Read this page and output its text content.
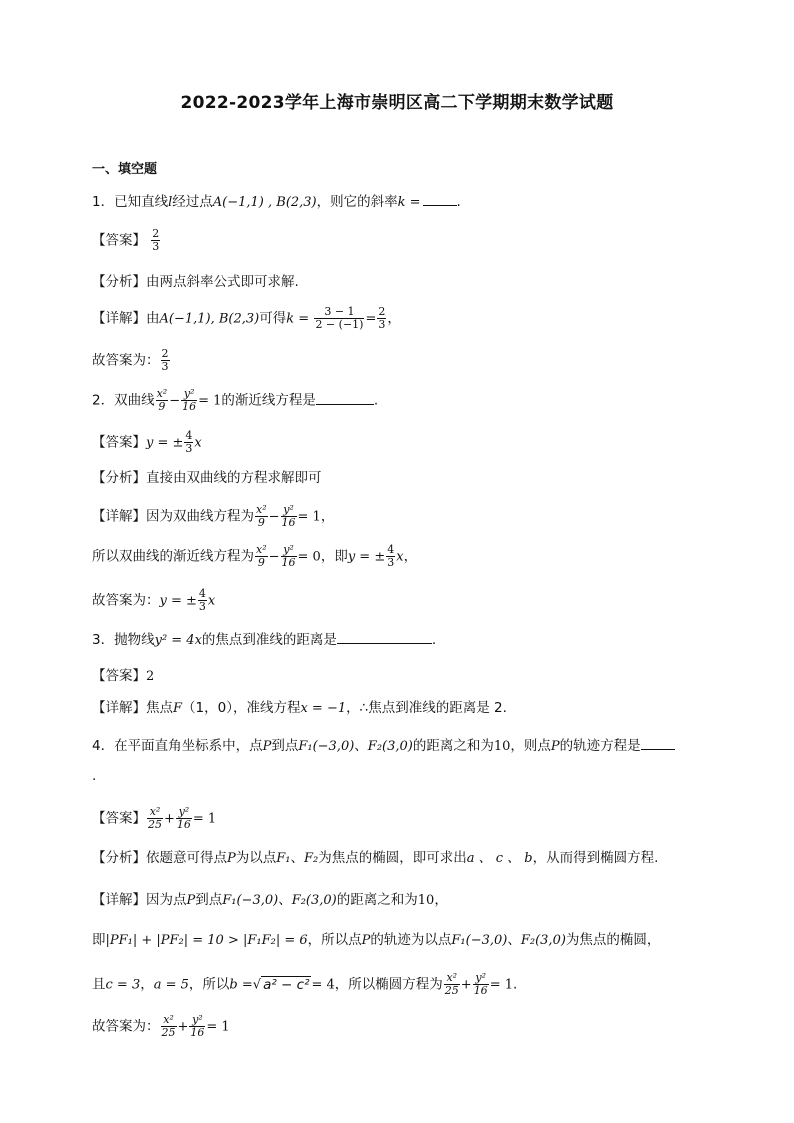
2022-2023学年上海市崇明区高二下学期期末数学试题
一、填空题
1．已知直线l经过点A(−1,1) , B(2,3)，则它的斜率k =	.
【答案】 $\frac{2}{3}$
【分析】由两点斜率公式即可求解.
【详解】由A(−1,1), B(2,3)可得$k = \frac{3 - 1}{2 - (-1)} = \frac{2}{3}$ ，
故答案为： $\frac{2}{3}$
2．双曲线 $\frac{\text{x²}}{9} - \frac{\text{y²}}{16} = 1$的渐近线方程是	.
【答案】y = ± $\frac{4}{3}$ x
【分析】直接由双曲线的方程求解即可
【详解】因为双曲线方程为 $\frac{\text{x²}}{9} - \frac{\text{y²}}{16} = 1$，
所以双曲线的渐近线方程为 $\frac{\text{x²}}{9} - \frac{\text{y²}}{16} = 0$，即y = ± $\frac{4}{3}$ x，
故答案为：y = ± $\frac{4}{3}$ x
3．抛物线y² = 4x的焦点到准线的距离是	.
【答案】2
【详解】焦点F（1，0），准线方程x = −1，∴焦点到准线的距离是 2.
4．在平面直角坐标系中，点P到点F₁(−3,0)、F₂(3,0)的距离之和为10，则点P的轨迹方程是
.
【答案】 $\frac{\text{x²}}{25} + \frac{\text{y²}}{16} = 1$
【分析】依题意可得点P为以点F₁、F₂为焦点的椭圆，即可求出a 、 c 、 b，从而得到椭圆方程.
【详解】因为点P到点F₁(−3,0)、F₂(3,0)的距离之和为10，
即|PF₁| + |PF₂| = 10 > |F₁F₂| = 6，所以点P的轨迹为以点F₁(−3,0)、F₂(3,0)为焦点的椭圆，
且c = 3，a = 5，所以b =√ a² − c² = 4，所以椭圆方程为 $\frac{\text{x²}}{25} + \frac{\text{y²}}{16} = 1$.
故答案为： $\frac{\text{x²}}{25} + \frac{\text{y²}}{16} = 1$
